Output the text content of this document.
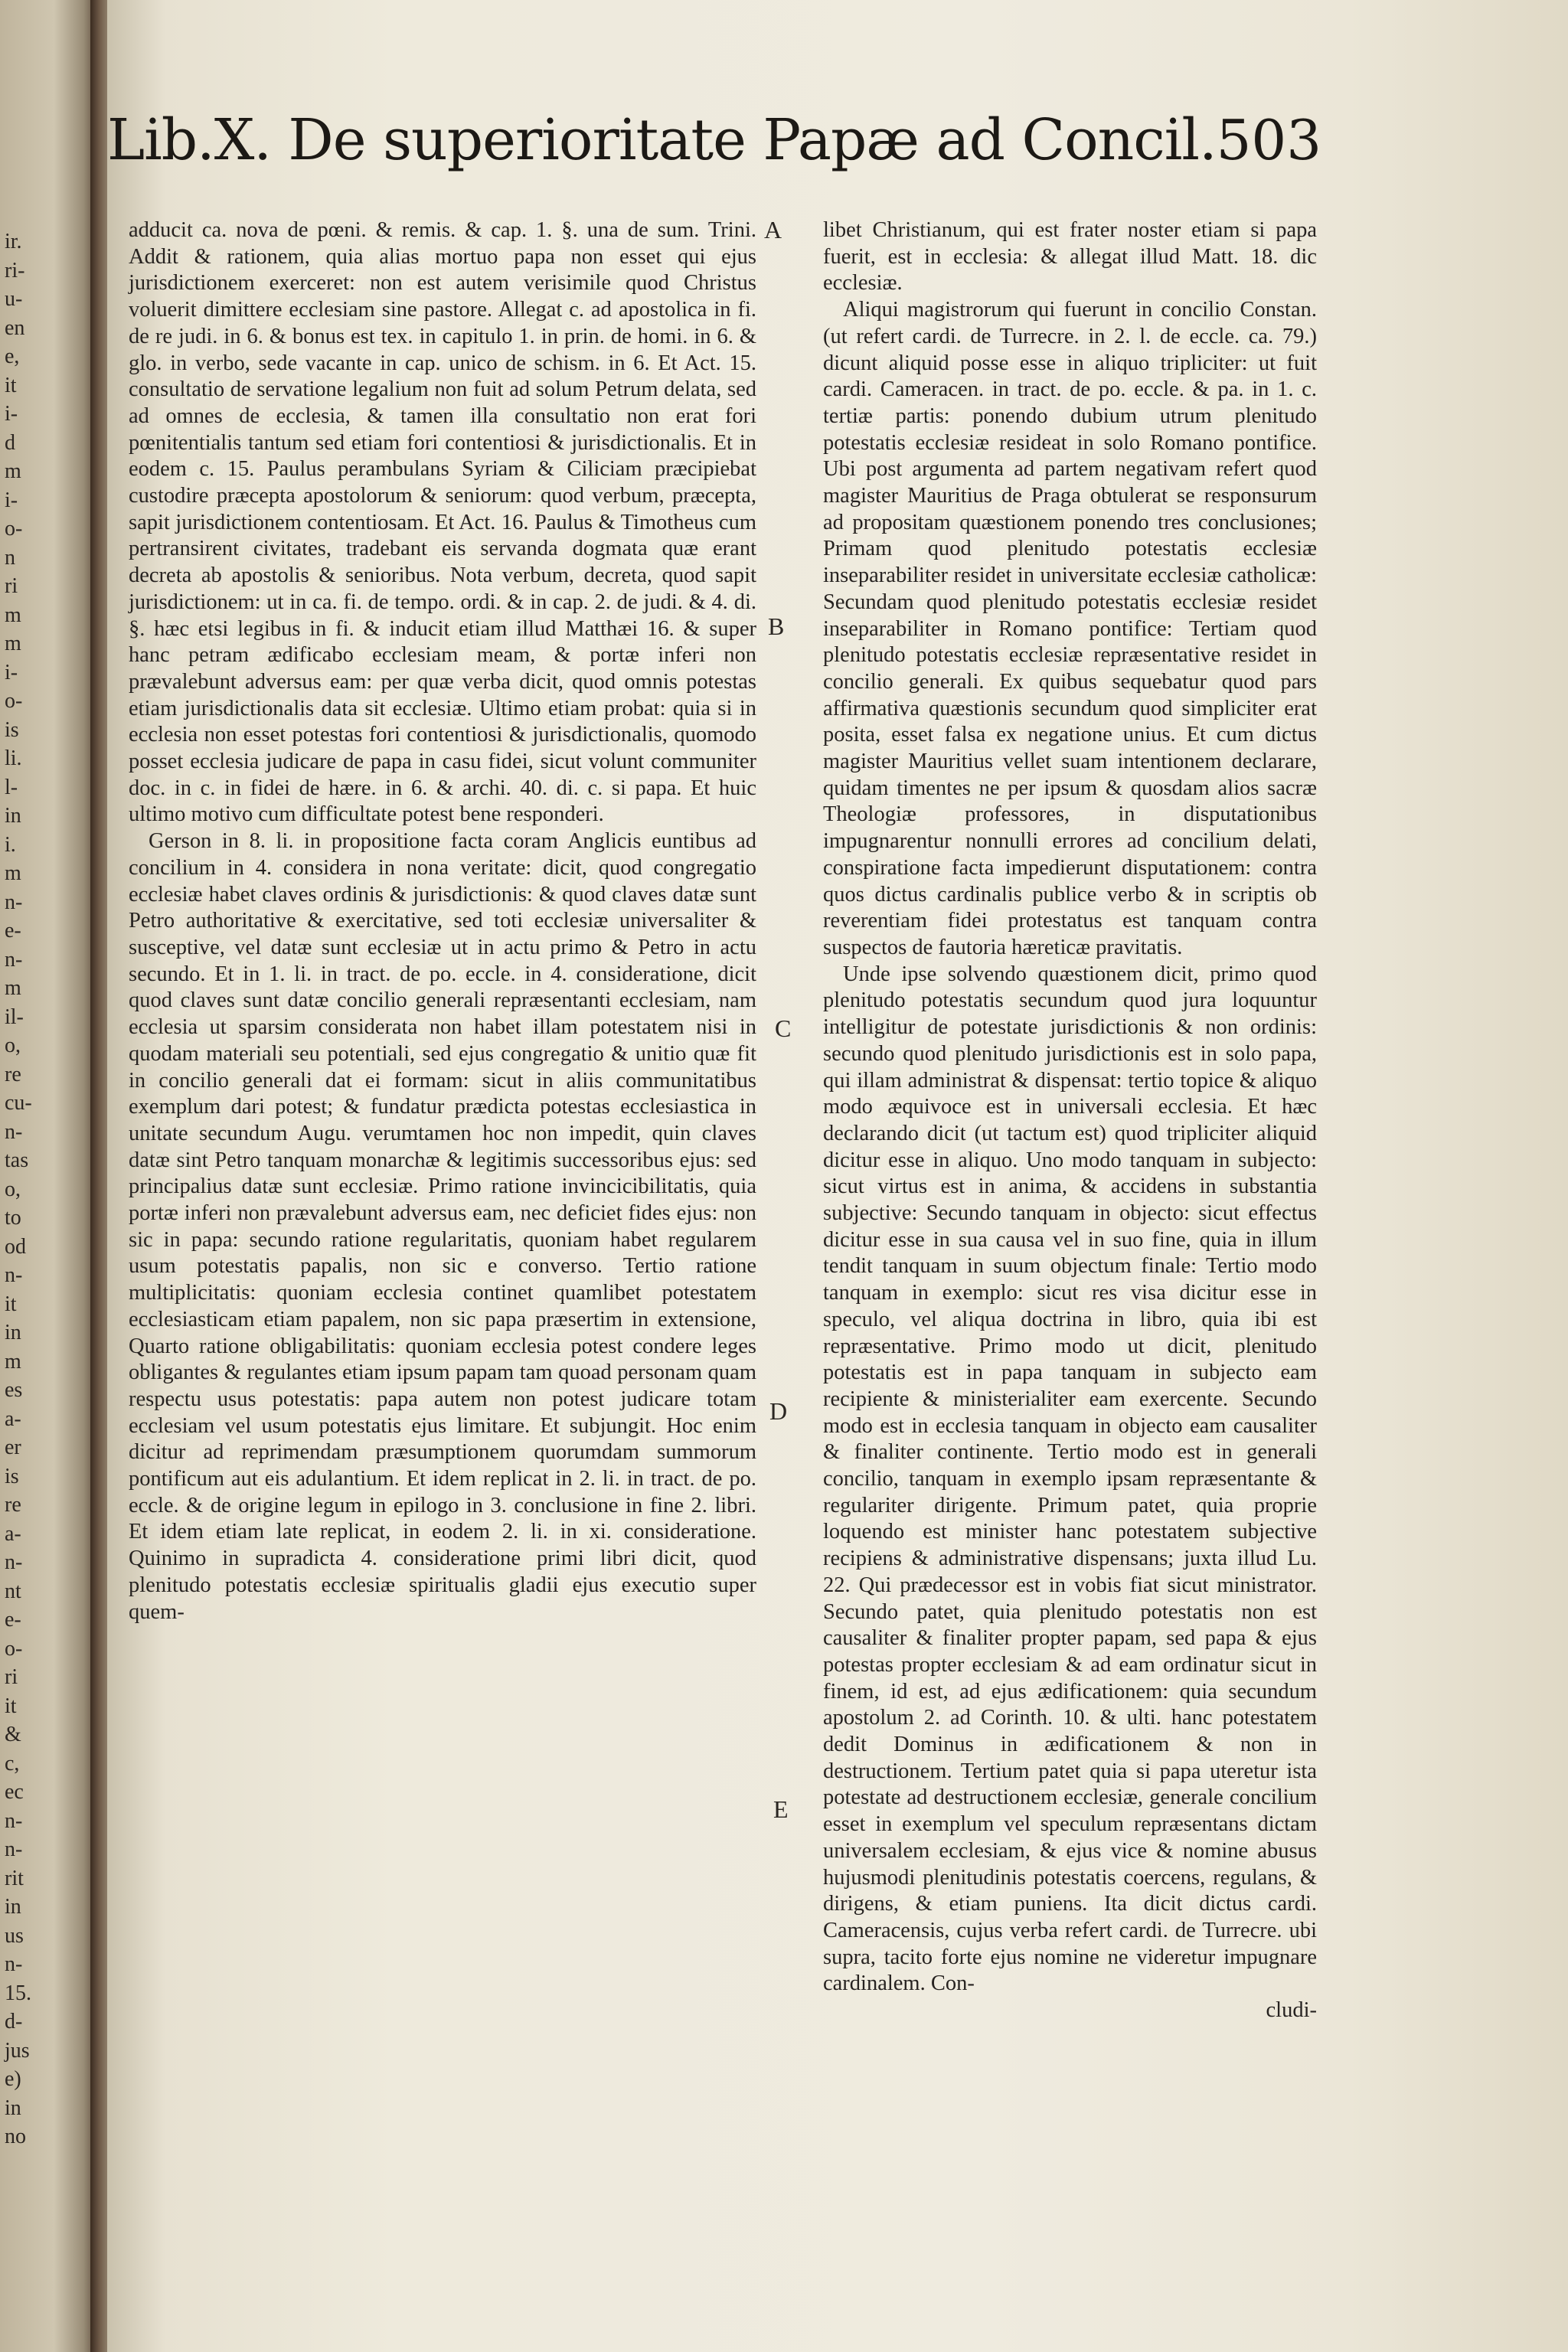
ir.
ri-
u-
en
e,
it
i-
d
m
i-
o-
n
ri
m
m
i-
o-
is
li.
l-
in
i.
m
n-
e-
n-
m
il-
o,
re
cu-
n-
tas
o,
to
od
n-
it
in
m
es
a-
er
is
re
a-
n-
nt
e-
o-
ri
it
&
c,
ec
n-
n-
rit
in
us
n-
15.
d-
jus
e)
in
no
Lib.X. De superioritate Papæ ad Concil. 503

adducit ca. nova de pœni. & remis. & cap. 1. §. una de sum. Trini. Addit & rationem, quia alias mortuo papa non esset qui ejus jurisdictionem exerceret: non est autem verisimile quod Christus voluerit dimittere ecclesiam sine pastore. Allegat c. ad apostolica in fi. de re judi. in 6. & bonus est tex. in capitulo 1. in prin. de homi. in 6. & glo. in verbo, sede vacante in cap. unico de schism. in 6. Et Act. 15. consultatio de servatione legalium non fuit ad solum Petrum delata, sed ad omnes de ecclesia, & tamen illa consultatio non erat fori pœnitentialis tantum sed etiam fori contentiosi & jurisdictionalis. Et in eodem c. 15. Paulus perambulans Syriam & Ciliciam præcipiebat custodire præcepta apostolorum & seniorum: quod verbum, præcepta, sapit jurisdictionem contentiosam. Et Act. 16. Paulus & Timotheus cum pertransirent civitates, tradebant eis servanda dogmata quæ erant decreta ab apostolis & senioribus. Nota verbum, decreta, quod sapit jurisdictionem: ut in ca. fi. de tempo. ordi. & in cap. 2. de judi. & 4. di. §. hæc etsi legibus in fi. & inducit etiam illud Matthæi 16. & super hanc petram ædificabo ecclesiam meam, & portæ inferi non prævalebunt adversus eam: per quæ verba dicit, quod omnis potestas etiam jurisdictionalis data sit ecclesiæ. Ultimo etiam probat: quia si in ecclesia non esset potestas fori contentiosi & jurisdictionalis, quomodo posset ecclesia judicare de papa in casu fidei, sicut volunt communiter doc. in c. in fidei de hære. in 6. & archi. 40. di. c. si papa. Et huic ultimo motivo cum difficultate potest bene responderi.

Gerson in 8. li. in propositione facta coram Anglicis euntibus ad concilium in 4. considera in nona veritate: dicit, quod congregatio ecclesiæ habet claves ordinis & jurisdictionis: & quod claves datæ sunt Petro authoritative & exercitative, sed toti ecclesiæ universaliter & susceptive, vel datæ sunt ecclesiæ ut in actu primo & Petro in actu secundo. Et in 1. li. in tract. de po. eccle. in 4. consideratione, dicit quod claves sunt datæ concilio generali repræsentanti ecclesiam, nam ecclesia ut sparsim considerata non habet illam potestatem nisi in quodam materiali seu potentiali, sed ejus congregatio & unitio quæ fit in concilio generali dat ei formam: sicut in aliis communitatibus exemplum dari potest; & fundatur prædicta potestas ecclesiastica in unitate secundum Augu. verumtamen hoc non impedit, quin claves datæ sint Petro tanquam monarchæ & legitimis successoribus ejus: sed principalius datæ sunt ecclesiæ. Primo ratione invincicibilitatis, quia portæ inferi non prævalebunt adversus eam, nec deficiet fides ejus: non sic in papa: secundo ratione regularitatis, quoniam habet regularem usum potestatis papalis, non sic e converso. Tertio ratione multiplicitatis: quoniam ecclesia continet quamlibet potestatem ecclesiasticam etiam papalem, non sic papa præsertim in extensione, Quarto ratione obligabilitatis: quoniam ecclesia potest condere leges obligantes & regulantes etiam ipsum papam tam quoad personam quam respectu usus potestatis: papa autem non potest judicare totam ecclesiam vel usum potestatis ejus limitare. Et subjungit. Hoc enim dicitur ad reprimendam præsumptionem quorumdam summorum pontificum aut eis adulantium. Et idem replicat in 2. li. in tract. de po. eccle. & de origine legum in epilogo in 3. conclusione in fine 2. libri. Et idem etiam late replicat, in eodem 2. li. in xi. consideratione. Quinimo in supradicta 4. consideratione primi libri dicit, quod plenitudo potestatis ecclesiæ spiritualis gladii ejus executio super quem-

libet Christianum, qui est frater noster etiam si papa fuerit, est in ecclesia: & allegat illud Matt. 18. dic ecclesiæ.

Aliqui magistrorum qui fuerunt in concilio Constan. (ut refert cardi. de Turrecre. in 2. l. de eccle. ca. 79.) dicunt aliquid posse esse in aliquo tripliciter: ut fuit cardi. Cameracen. in tract. de po. eccle. & pa. in 1. c. tertiæ partis: ponendo dubium utrum plenitudo potestatis ecclesiæ resideat in solo Romano pontifice. Ubi post argumenta ad partem negativam refert quod magister Mauritius de Praga obtulerat se responsurum ad propositam quæstionem ponendo tres conclusiones; Primam quod plenitudo potestatis ecclesiæ inseparabiliter residet in universitate ecclesiæ catholicæ: Secundam quod plenitudo potestatis ecclesiæ residet inseparabiliter in Romano pontifice: Tertiam quod plenitudo potestatis ecclesiæ repræsentative residet in concilio generali. Ex quibus sequebatur quod pars affirmativa quæstionis secundum quod simpliciter erat posita, esset falsa ex negatione unius. Et cum dictus magister Mauritius vellet suam intentionem declarare, quidam timentes ne per ipsum & quosdam alios sacræ Theologiæ professores, in disputationibus impugnarentur nonnulli errores ad concilium delati, conspiratione facta impedierunt disputationem: contra quos dictus cardinalis publice verbo & in scriptis ob reverentiam fidei protestatus est tanquam contra suspectos de fautoria hæreticæ pravitatis.

Unde ipse solvendo quæstionem dicit, primo quod plenitudo potestatis secundum quod jura loquuntur intelligitur de potestate jurisdictionis & non ordinis: secundo quod plenitudo jurisdictionis est in solo papa, qui illam administrat & dispensat: tertio topice & aliquo modo æquivoce est in universali ecclesia. Et hæc declarando dicit (ut tactum est) quod tripliciter aliquid dicitur esse in aliquo. Uno modo tanquam in subjecto: sicut virtus est in anima, & accidens in substantia subjective: Secundo tanquam in objecto: sicut effectus dicitur esse in sua causa vel in suo fine, quia in illum tendit tanquam in suum objectum finale: Tertio modo tanquam in exemplo: sicut res visa dicitur esse in speculo, vel aliqua doctrina in libro, quia ibi est repræsentative. Primo modo ut dicit, plenitudo potestatis est in papa tanquam in subjecto eam recipiente & ministerialiter eam exercente. Secundo modo est in ecclesia tanquam in objecto eam causaliter & finaliter continente. Tertio modo est in generali concilio, tanquam in exemplo ipsam repræsentante & regulariter dirigente. Primum patet, quia proprie loquendo est minister hanc potestatem subjective recipiens & administrative dispensans; juxta illud Lu. 22. Qui prædecessor est in vobis fiat sicut ministrator. Secundo patet, quia plenitudo potestatis non est causaliter & finaliter propter papam, sed papa & ejus potestas propter ecclesiam & ad eam ordinatur sicut in finem, id est, ad ejus ædificationem: quia secundum apostolum 2. ad Corinth. 10. & ulti. hanc potestatem dedit Dominus in ædificationem & non in destructionem. Tertium patet quia si papa uteretur ista potestate ad destructionem ecclesiæ, generale concilium esset in exemplum vel speculum repræsentans dictam universalem ecclesiam, & ejus vice & nomine abusus hujusmodi plenitudinis potestatis coercens, regulans, & dirigens, & etiam puniens. Ita dicit dictus cardi. Cameracensis, cujus verba refert cardi. de Turrecre. ubi supra, tacito forte ejus nomine ne videretur impugnare cardinalem. Con-

cludi-
A
B
C
D
E
